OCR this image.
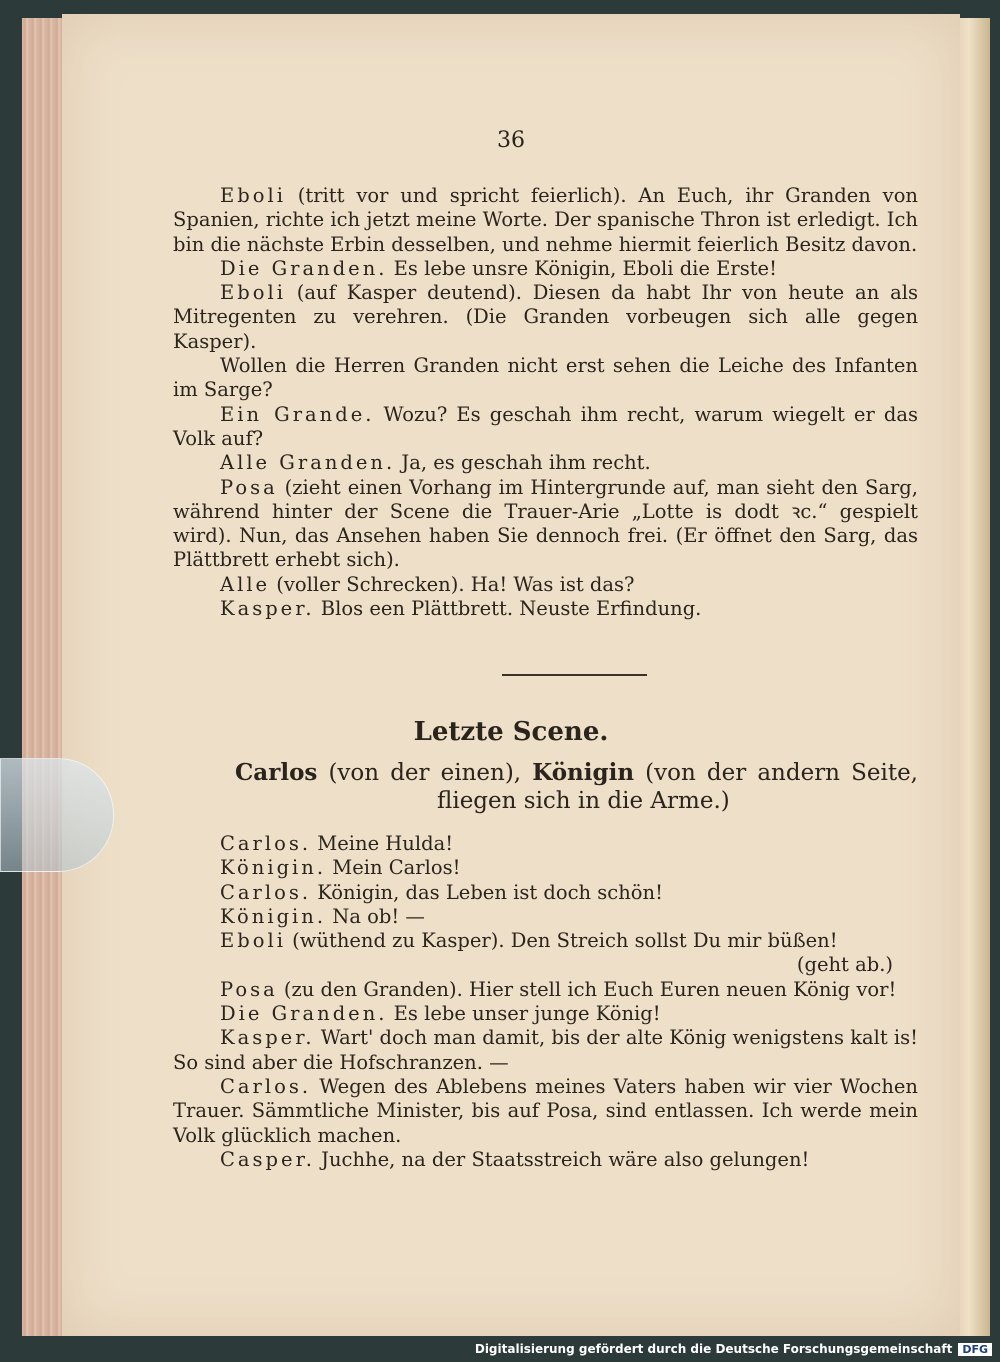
36

Eboli (tritt vor und spricht feierlich). An Euch, ihr Granden von Spanien, richte ich jetzt meine Worte. Der spanische Thron ist erledigt. Ich bin die nächste Erbin desselben, und nehme hiermit feierlich Besitz davon.

Die Granden. Es lebe unsre Königin, Eboli die Erste!

Eboli (auf Kasper deutend). Diesen da habt Ihr von heute an als Mitregenten zu verehren. (Die Granden vorbeugen sich alle gegen Kasper).

Wollen die Herren Granden nicht erst sehen die Leiche des Infanten im Sarge?

Ein Grande. Wozu? Es geschah ihm recht, warum wiegelt er das Volk auf?

Alle Granden. Ja, es geschah ihm recht.

Posa (zieht einen Vorhang im Hintergrunde auf, man sieht den Sarg, während hinter der Scene die Trauer-Arie „Lotte is dodt ꝛc.“ gespielt wird). Nun, das Ansehen haben Sie dennoch frei. (Er öffnet den Sarg, das Plättbrett erhebt sich).

Alle (voller Schrecken). Ha! Was ist das?

Kasper. Blos een Plättbrett. Neuste Erfindung.

Letzte Scene.
Carlos (von der einen), Königin (von der andern Seite,
fliegen sich in die Arme.)

Carlos. Meine Hulda!

Königin. Mein Carlos!

Carlos. Königin, das Leben ist doch schön!

Königin. Na ob! —

Eboli (wüthend zu Kasper). Den Streich sollst Du mir büßen!

(geht ab.)

Posa (zu den Granden). Hier stell ich Euch Euren neuen König vor!

Die Granden. Es lebe unser junge König!

Kasper. Wart' doch man damit, bis der alte König wenigstens kalt is! So sind aber die Hofschranzen. —

Carlos. Wegen des Ablebens meines Vaters haben wir vier Wochen Trauer. Sämmtliche Minister, bis auf Posa, sind entlassen. Ich werde mein Volk glücklich machen.

Casper. Juchhe, na der Staatsstreich wäre also gelungen!

Digitalisierung gefördert durch die Deutsche Forschungsgemeinschaft DFG
